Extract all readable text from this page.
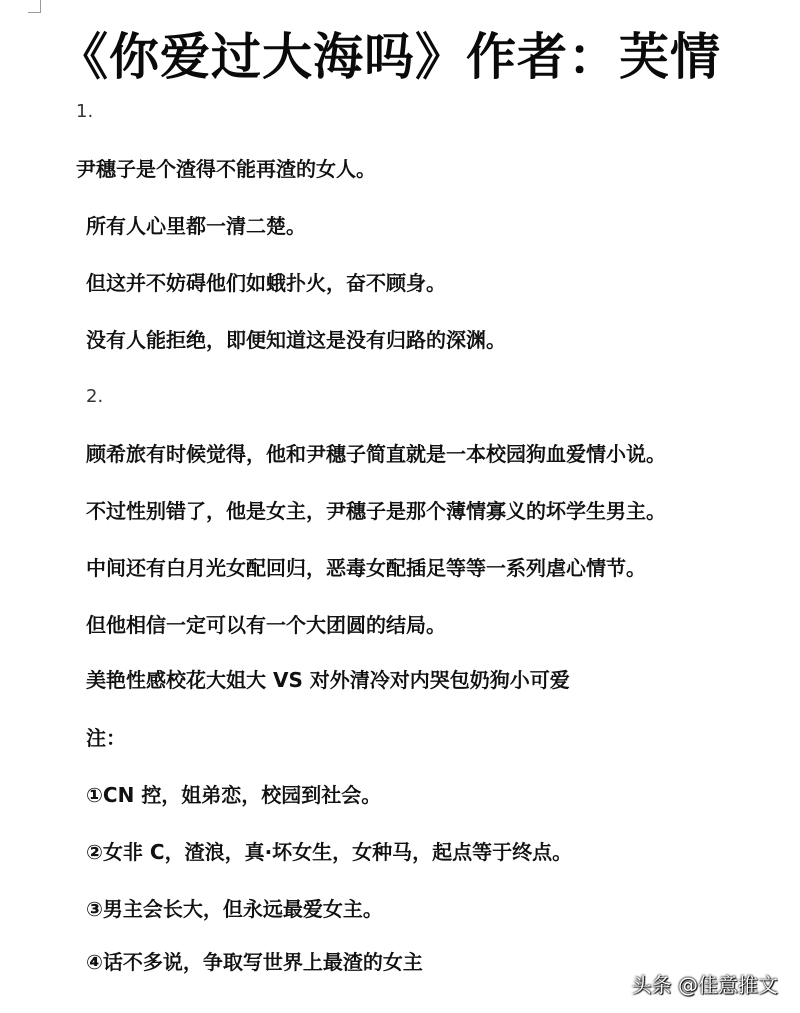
《你爱过大海吗》作者：芙情
1.
尹穗子是个渣得不能再渣的女人。
所有人心里都一清二楚。
但这并不妨碍他们如蛾扑火，奋不顾身。
没有人能拒绝，即便知道这是没有归路的深渊。
2.
顾希旅有时候觉得，他和尹穗子简直就是一本校园狗血爱情小说。
不过性别错了，他是女主，尹穗子是那个薄情寡义的坏学生男主。
中间还有白月光女配回归，恶毒女配插足等等一系列虐心情节。
但他相信一定可以有一个大团圆的结局。
美艳性感校花大姐大 VS 对外清冷对内哭包奶狗小可爱
注：
①CN 控，姐弟恋，校园到社会。
②女非 C，渣浪，真·坏女生，女种马，起点等于终点。
③男主会长大，但永远最爱女主。
④话不多说，争取写世界上最渣的女主
头条 @佳意推文
